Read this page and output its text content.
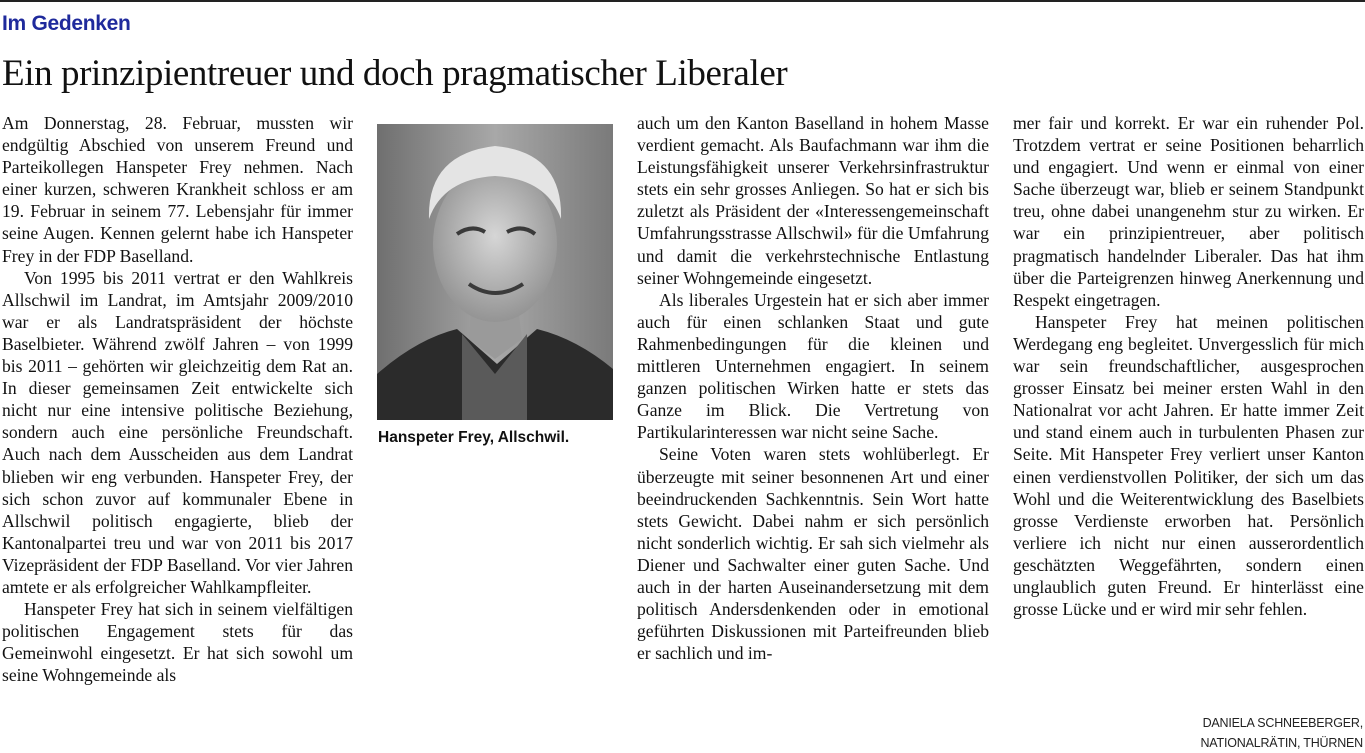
Im Gedenken
Ein prinzipientreuer und doch pragmatischer Liberaler

Am Donnerstag, 28. Februar, mussten wir endgültig Abschied von unserem Freund und Parteikollegen Hanspeter Frey nehmen. Nach einer kurzen, schweren Krankheit schloss er am 19. Februar in seinem 77. Lebensjahr für immer seine Augen. Kennen gelernt habe ich Hanspeter Frey in der FDP Baselland.

Von 1995 bis 2011 vertrat er den Wahlkreis Allschwil im Landrat, im Amtsjahr 2009/2010 war er als Landratspräsident der höchste Baselbieter. Während zwölf Jahren – von 1999 bis 2011 – gehörten wir gleichzeitig dem Rat an. In dieser gemeinsamen Zeit entwickelte sich nicht nur eine intensive politische Beziehung, sondern auch eine persönliche Freundschaft. Auch nach dem Ausscheiden aus dem Landrat blieben wir eng verbunden. Hanspeter Frey, der sich schon zuvor auf kommunaler Ebene in Allschwil politisch engagierte, blieb der Kantonalpartei treu und war von 2011 bis 2017 Vizepräsident der FDP Baselland. Vor vier Jahren amtete er als erfolgreicher Wahlkampfleiter.

Hanspeter Frey hat sich in seinem vielfältigen politischen Engagement stets für das Gemeinwohl eingesetzt. Er hat sich sowohl um seine Wohngemeinde als

Hanspeter Frey, Allschwil.

auch um den Kanton Baselland in hohem Masse verdient gemacht. Als Baufachmann war ihm die Leistungsfähigkeit unserer Verkehrsinfrastruktur stets ein sehr grosses Anliegen. So hat er sich bis zuletzt als Präsident der «Interessengemeinschaft Umfahrungsstrasse Allschwil» für die Umfahrung und damit die verkehrstechnische Entlastung seiner Wohngemeinde eingesetzt.

Als liberales Urgestein hat er sich aber immer auch für einen schlanken Staat und gute Rahmenbedingungen für die kleinen und mittleren Unternehmen engagiert. In seinem ganzen politischen Wirken hatte er stets das Ganze im Blick. Die Vertretung von Partikularinteressen war nicht seine Sache.

Seine Voten waren stets wohlüberlegt. Er überzeugte mit seiner besonnenen Art und einer beeindruckenden Sachkenntnis. Sein Wort hatte stets Gewicht. Dabei nahm er sich persönlich nicht sonderlich wichtig. Er sah sich vielmehr als Diener und Sachwalter einer guten Sache. Und auch in der harten Auseinandersetzung mit dem politisch Andersdenkenden oder in emotional geführten Diskussionen mit Parteifreunden blieb er sachlich und im-

mer fair und korrekt. Er war ein ruhender Pol. Trotzdem vertrat er seine Positionen beharrlich und engagiert. Und wenn er einmal von einer Sache überzeugt war, blieb er seinem Standpunkt treu, ohne dabei unangenehm stur zu wirken. Er war ein prinzipientreuer, aber politisch pragmatisch handelnder Liberaler. Das hat ihm über die Parteigrenzen hinweg Anerkennung und Respekt eingetragen.

Hanspeter Frey hat meinen politischen Werdegang eng begleitet. Unvergesslich für mich war sein freundschaftlicher, ausgesprochen grosser Einsatz bei meiner ersten Wahl in den Nationalrat vor acht Jahren. Er hatte immer Zeit und stand einem auch in turbulenten Phasen zur Seite. Mit Hanspeter Frey verliert unser Kanton einen verdienstvollen Politiker, der sich um das Wohl und die Weiterentwicklung des Baselbiets grosse Verdienste erworben hat. Persönlich verliere ich nicht nur einen ausserordentlich geschätzten Weggefährten, sondern einen unglaublich guten Freund. Er hinterlässt eine grosse Lücke und er wird mir sehr fehlen.

DANIELA SCHNEEBERGER,
NATIONALRÄTIN, THÜRNEN
